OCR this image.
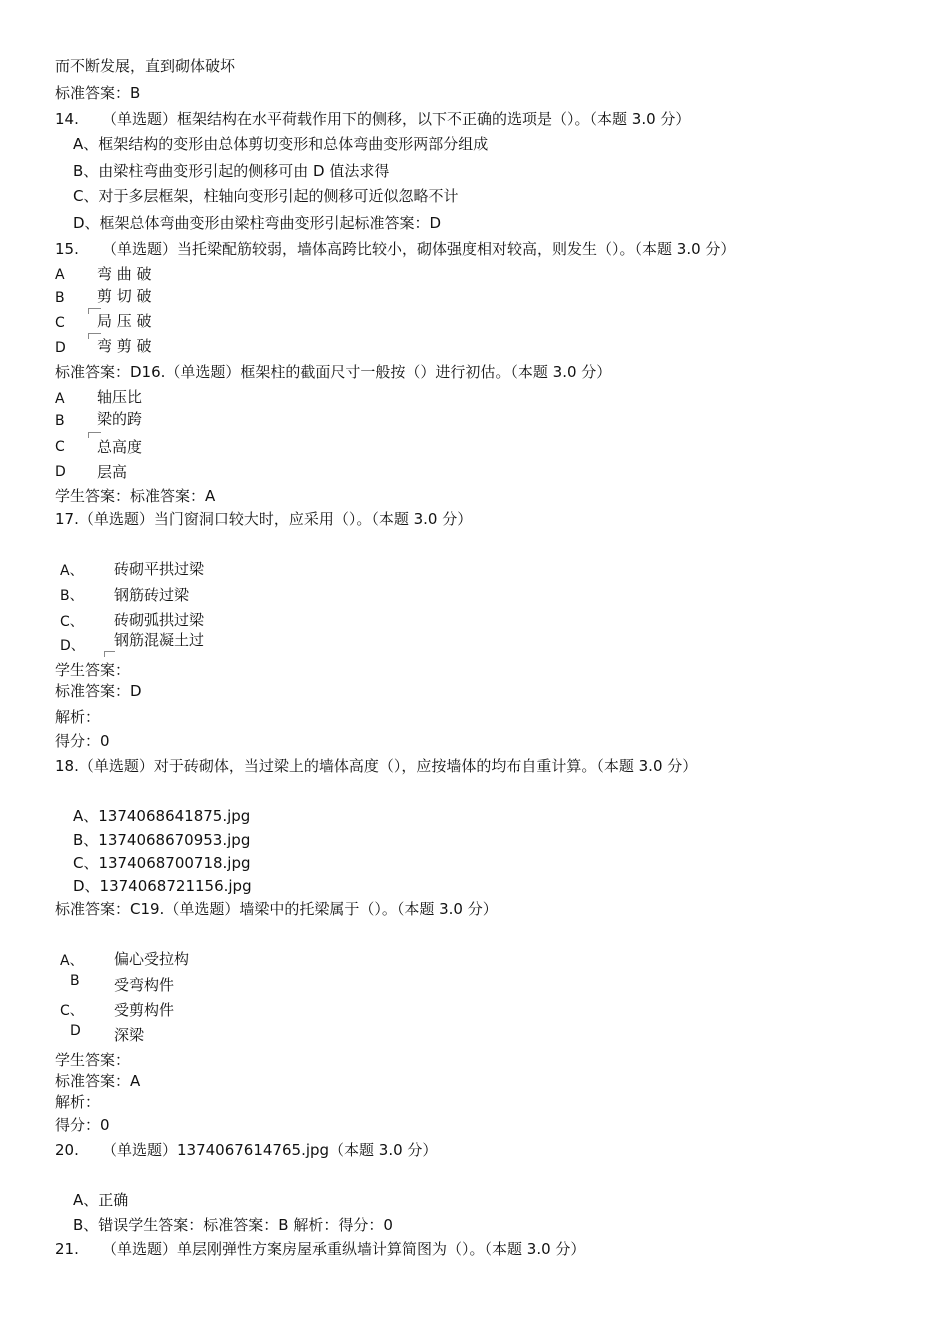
而不断发展，直到砌体破坏
标准答案：B
14. （单选题）框架结构在水平荷载作用下的侧移，以下不正确的选项是（）。（本题 3.0 分）
A、框架结构的变形由总体剪切变形和总体弯曲变形两部分组成
B、由梁柱弯曲变形引起的侧移可由 D 值法求得
C、对于多层框架，柱轴向变形引起的侧移可近似忽略不计
D、框架总体弯曲变形由梁柱弯曲变形引起标准答案：D
15. （单选题）当托梁配筋较弱，墙体高跨比较小，砌体强度相对较高，则发生（）。（本题 3.0 分）
A 弯 曲 破
B 剪 切 破
C 局 压 破
D 弯 剪 破
标准答案：D16.（单选题）框架柱的截面尺寸一般按（）进行初估。（本题 3.0 分）
A 轴压比
B 梁的跨
C 总高度
D 层高
学生答案：标准答案：A
17.（单选题）当门窗洞口较大时，应采用（）。（本题 3.0 分）
A、 砖砌平拱过梁
B、 钢筋砖过梁
C、 砖砌弧拱过梁
D、 钢筋混凝土过
学生答案：
标准答案：D
解析：
得分：0
18.（单选题）对于砖砌体，当过梁上的墙体高度（），应按墙体的均布自重计算。（本题 3.0 分）
A、1374068641875.jpg
B、1374068670953.jpg
C、1374068700718.jpg
D、1374068721156.jpg
标准答案：C19.（单选题）墙梁中的托梁属于（）。（本题 3.0 分）
A、 偏心受拉构
B 受弯构件
C、 受剪构件
D 深梁
学生答案：
标准答案：A
解析：
得分：0
20. （单选题）1374067614765.jpg（本题 3.0 分）
A、正确
B、错误学生答案：标准答案：B 解析：得分：0
21. （单选题）单层刚弹性方案房屋承重纵墙计算简图为（）。（本题 3.0 分）
